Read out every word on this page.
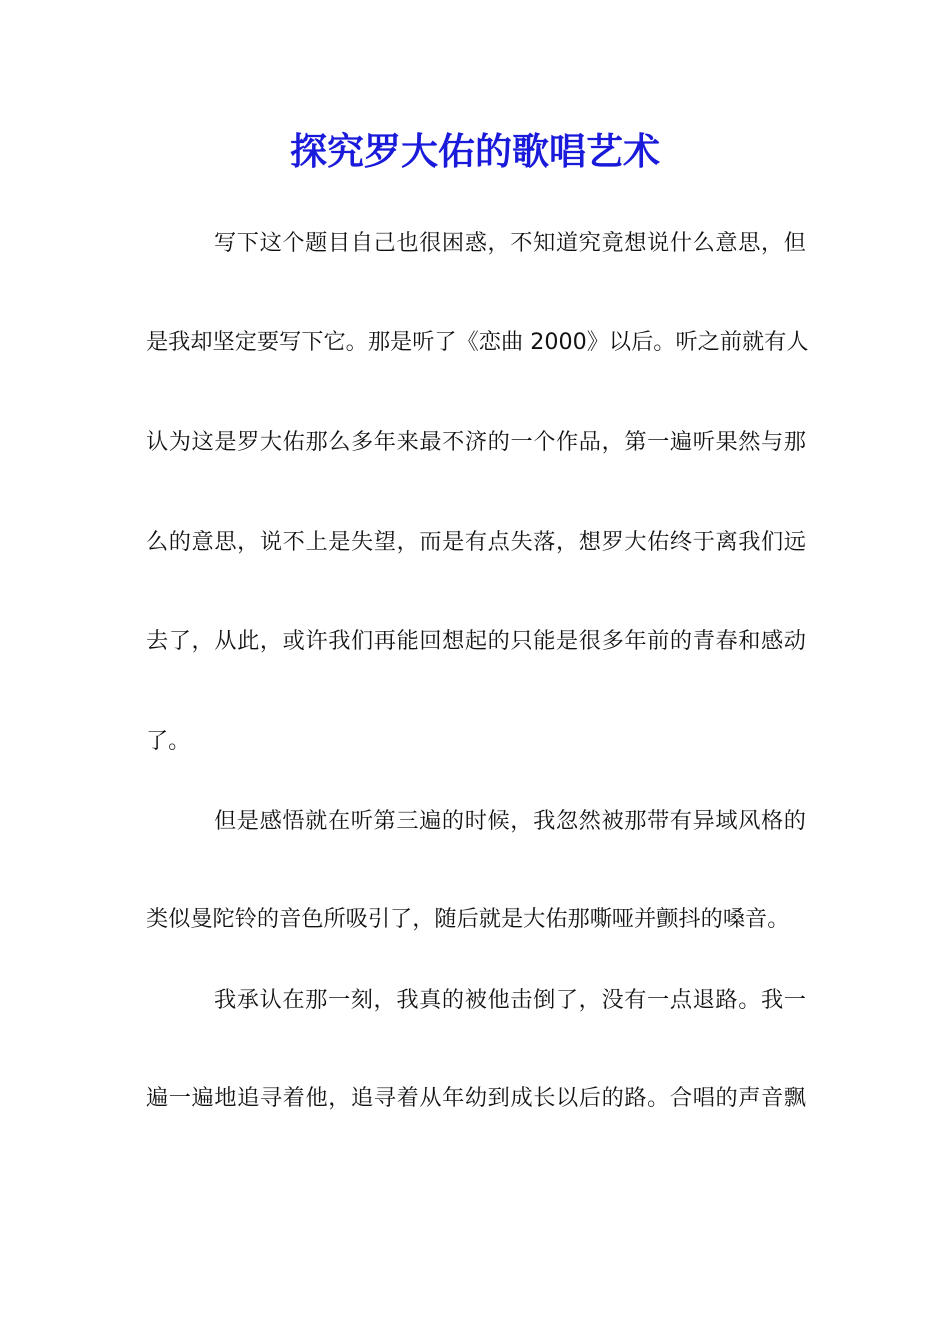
探究罗大佑的歌唱艺术
写下这个题目自己也很困惑，不知道究竟想说什么意思，但
是我却坚定要写下它。那是听了《恋曲 2000》以后。听之前就有人
认为这是罗大佑那么多年来最不济的一个作品，第一遍听果然与那
么的意思，说不上是失望，而是有点失落，想罗大佑终于离我们远
去了，从此，或许我们再能回想起的只能是很多年前的青春和感动
了。
但是感悟就在听第三遍的时候，我忽然被那带有异域风格的
类似曼陀铃的音色所吸引了，随后就是大佑那嘶哑并颤抖的嗓音。
我承认在那一刻，我真的被他击倒了，没有一点退路。我一
遍一遍地追寻着他，追寻着从年幼到成长以后的路。合唱的声音飘
